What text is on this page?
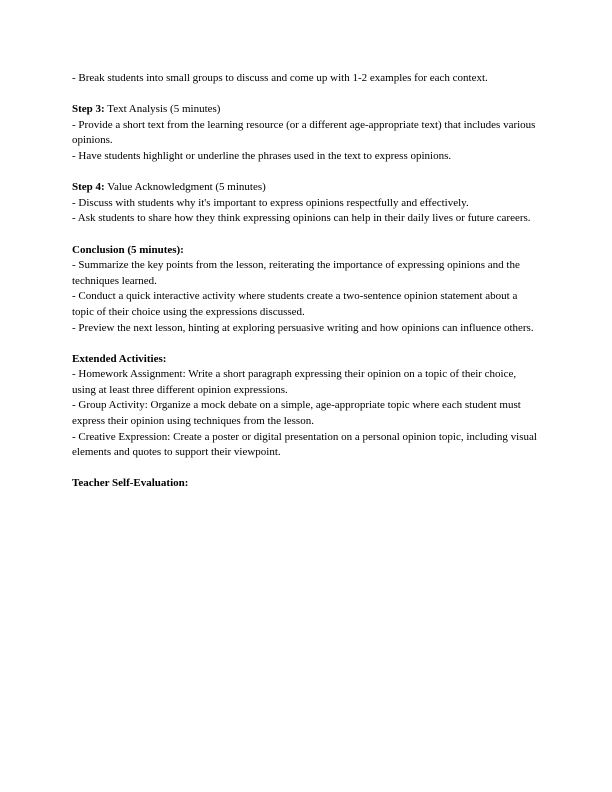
- Break students into small groups to discuss and come up with 1-2 examples for each context.

Step 3: Text Analysis (5 minutes)

- Provide a short text from the learning resource (or a different age-appropriate text) that includes various opinions.

- Have students highlight or underline the phrases used in the text to express opinions.

Step 4: Value Acknowledgment (5 minutes)

- Discuss with students why it's important to express opinions respectfully and effectively.

- Ask students to share how they think expressing opinions can help in their daily lives or future careers.

Conclusion (5 minutes):

- Summarize the key points from the lesson, reiterating the importance of expressing opinions and the techniques learned.

- Conduct a quick interactive activity where students create a two-sentence opinion statement about a topic of their choice using the expressions discussed.

- Preview the next lesson, hinting at exploring persuasive writing and how opinions can influence others.

Extended Activities:

- Homework Assignment: Write a short paragraph expressing their opinion on a topic of their choice, using at least three different opinion expressions.

- Group Activity: Organize a mock debate on a simple, age-appropriate topic where each student must express their opinion using techniques from the lesson.

- Creative Expression: Create a poster or digital presentation on a personal opinion topic, including visual elements and quotes to support their viewpoint.

Teacher Self-Evaluation:
